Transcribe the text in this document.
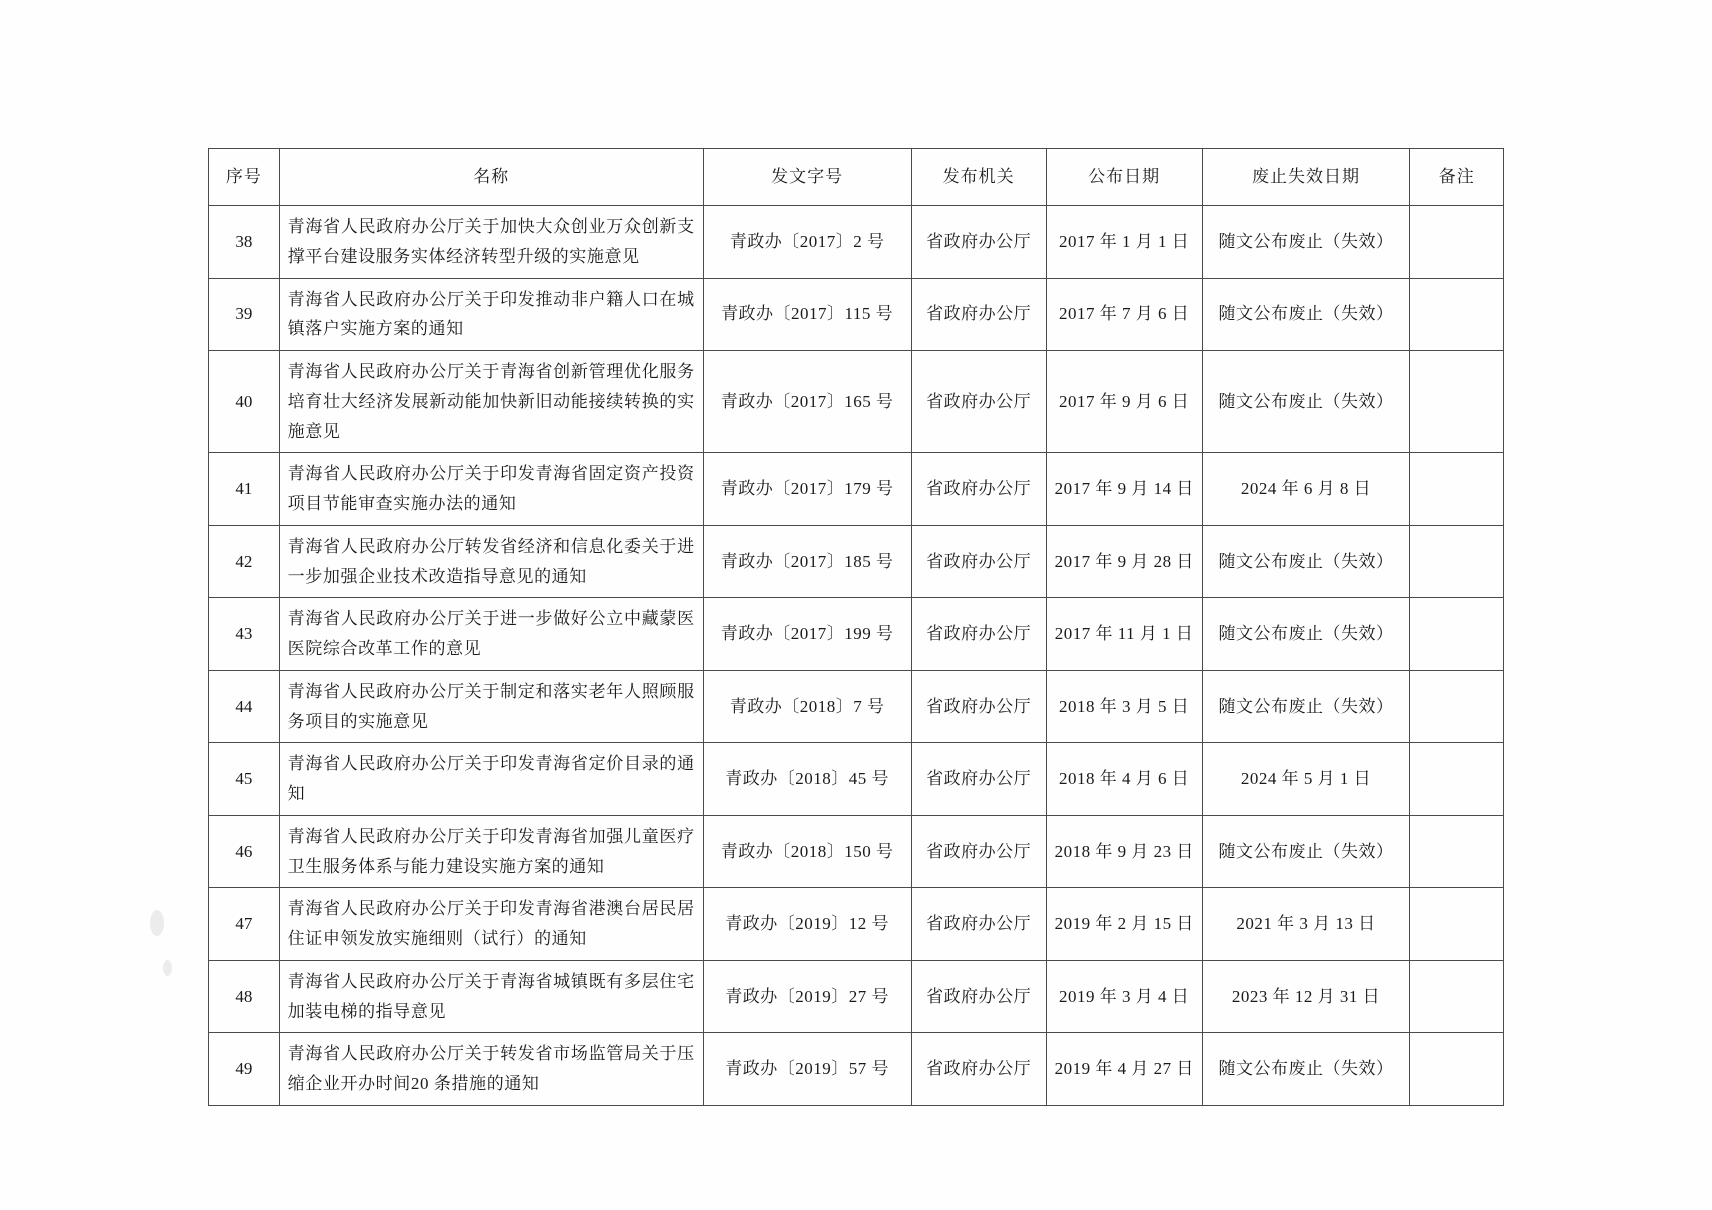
序号	名称	发文字号	发布机关	公布日期	废止失效日期	备注
38	青海省人民政府办公厅关于加快大众创业万众创新支撑平台建设服务实体经济转型升级的实施意见	青政办〔2017〕2 号	省政府办公厅	2017 年 1 月 1 日	随文公布废止（失效）	
39	青海省人民政府办公厅关于印发推动非户籍人口在城镇落户实施方案的通知	青政办〔2017〕115 号	省政府办公厅	2017 年 7 月 6 日	随文公布废止（失效）	
40	青海省人民政府办公厅关于青海省创新管理优化服务培育壮大经济发展新动能加快新旧动能接续转换的实施意见	青政办〔2017〕165 号	省政府办公厅	2017 年 9 月 6 日	随文公布废止（失效）	
41	青海省人民政府办公厅关于印发青海省固定资产投资项目节能审查实施办法的通知	青政办〔2017〕179 号	省政府办公厅	2017 年 9 月 14 日	2024 年 6 月 8 日	
42	青海省人民政府办公厅转发省经济和信息化委关于进一步加强企业技术改造指导意见的通知	青政办〔2017〕185 号	省政府办公厅	2017 年 9 月 28 日	随文公布废止（失效）	
43	青海省人民政府办公厅关于进一步做好公立中藏蒙医医院综合改革工作的意见	青政办〔2017〕199 号	省政府办公厅	2017 年 11 月 1 日	随文公布废止（失效）	
44	青海省人民政府办公厅关于制定和落实老年人照顾服务项目的实施意见	青政办〔2018〕7 号	省政府办公厅	2018 年 3 月 5 日	随文公布废止（失效）	
45	青海省人民政府办公厅关于印发青海省定价目录的通知	青政办〔2018〕45 号	省政府办公厅	2018 年 4 月 6 日	2024 年 5 月 1 日	
46	青海省人民政府办公厅关于印发青海省加强儿童医疗卫生服务体系与能力建设实施方案的通知	青政办〔2018〕150 号	省政府办公厅	2018 年 9 月 23 日	随文公布废止（失效）	
47	青海省人民政府办公厅关于印发青海省港澳台居民居住证申领发放实施细则（试行）的通知	青政办〔2019〕12 号	省政府办公厅	2019 年 2 月 15 日	2021 年 3 月 13 日	
48	青海省人民政府办公厅关于青海省城镇既有多层住宅加装电梯的指导意见	青政办〔2019〕27 号	省政府办公厅	2019 年 3 月 4 日	2023 年 12 月 31 日	
49	青海省人民政府办公厅关于转发省市场监管局关于压缩企业开办时间20 条措施的通知	青政办〔2019〕57 号	省政府办公厅	2019 年 4 月 27 日	随文公布废止（失效）	
